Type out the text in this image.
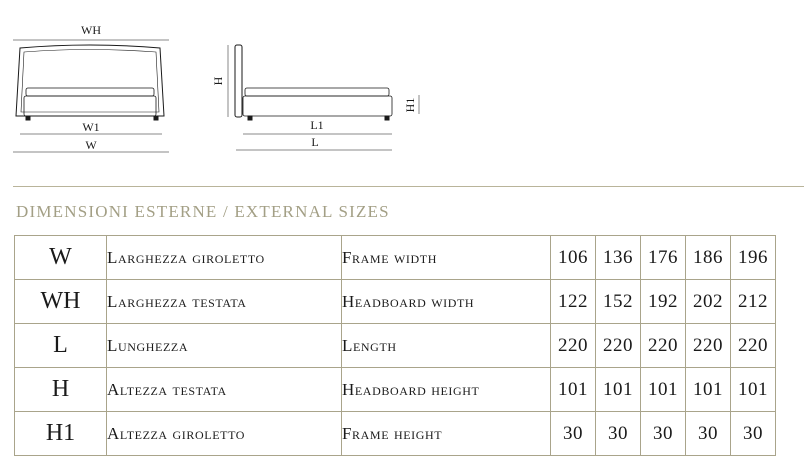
WH
W1
W
H
H1
L1
L
DIMENSIONI ESTERNE / EXTERNAL SIZES
W	Larghezza giroletto	Frame width	106	136	176	186	196
WH	Larghezza testata	Headboard width	122	152	192	202	212
L	Lunghezza	Length	220	220	220	220	220
H	Altezza testata	Headboard height	101	101	101	101	101
H1	Altezza giroletto	Frame height	30	30	30	30	30
